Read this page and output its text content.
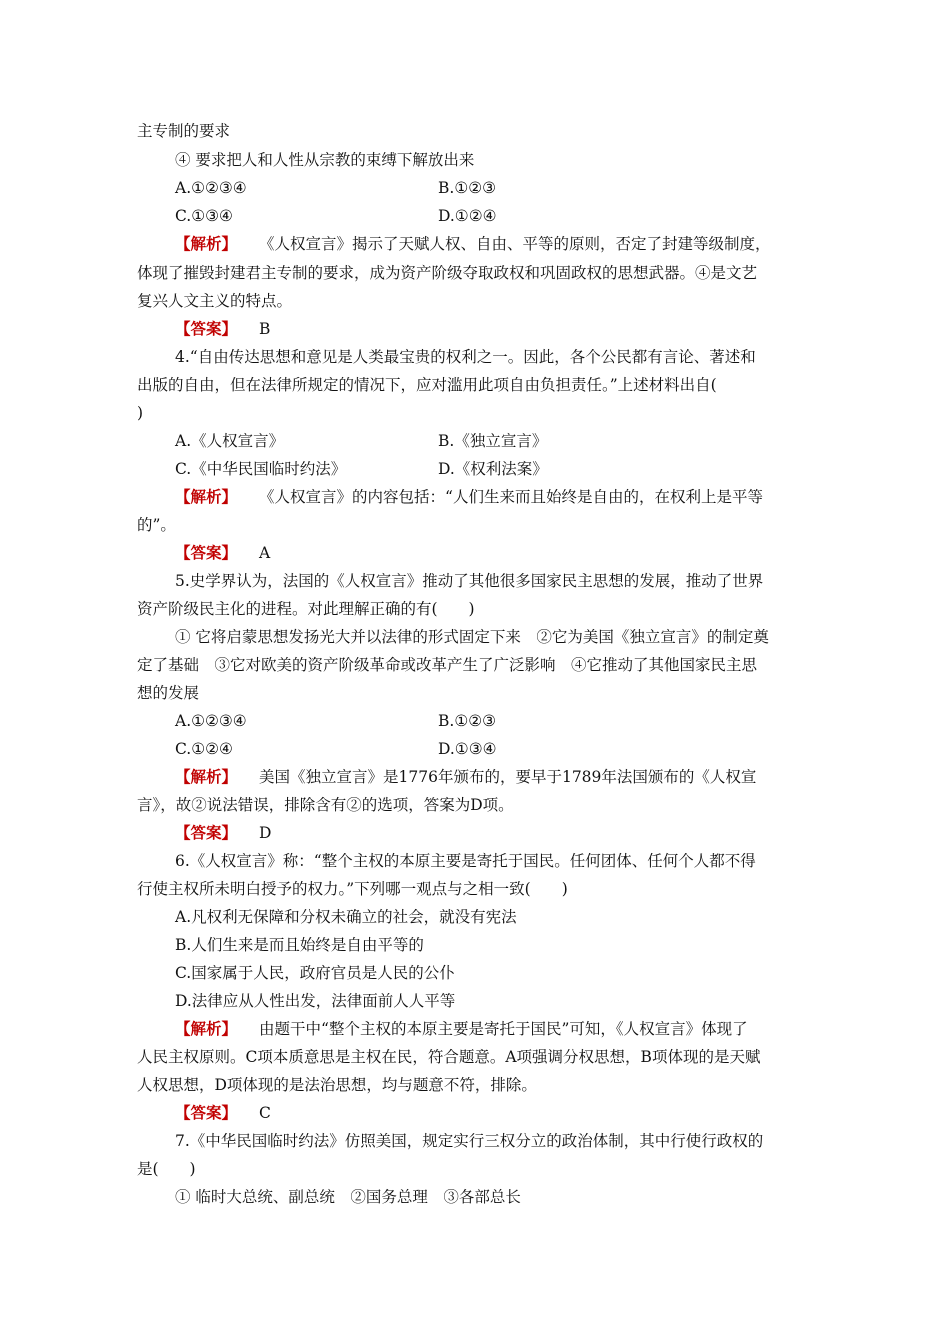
主专制的要求
④ 要求把人和人性从宗教的束缚下解放出来
A.①②③④	B.①②③
C.①③④	D.①②④
【解析】 《人权宣言》揭示了天赋人权、自由、平等的原则，否定了封建等级制度，
体现了摧毁封建君主专制的要求，成为资产阶级夺取政权和巩固政权的思想武器。④是文艺
复兴人文主义的特点。
【答案】 B
4.“自由传达思想和意见是人类最宝贵的权利之一。因此，各个公民都有言论、著述和
出版的自由，但在法律所规定的情况下，应对滥用此项自由负担责任。”上述材料出自(
)
A.《人权宣言》	B.《独立宣言》
C.《中华民国临时约法》	D.《权利法案》
【解析】 《人权宣言》的内容包括：“人们生来而且始终是自由的，在权利上是平等
的”。
【答案】 A
5.史学界认为，法国的《人权宣言》推动了其他很多国家民主思想的发展，推动了世界
资产阶级民主化的进程。对此理解正确的有(　　)
① 它将启蒙思想发扬光大并以法律的形式固定下来　②它为美国《独立宣言》的制定奠
定了基础　③它对欧美的资产阶级革命或改革产生了广泛影响　④它推动了其他国家民主思
想的发展
A.①②③④	B.①②③
C.①②④	D.①③④
【解析】 美国《独立宣言》是1776年颁布的，要早于1789年法国颁布的《人权宣
言》，故②说法错误，排除含有②的选项，答案为D项。
【答案】 D
6.《人权宣言》称：“整个主权的本原主要是寄托于国民。任何团体、任何个人都不得
行使主权所未明白授予的权力。”下列哪一观点与之相一致(　　)
A.凡权利无保障和分权未确立的社会，就没有宪法
B.人们生来是而且始终是自由平等的
C.国家属于人民，政府官员是人民的公仆
D.法律应从人性出发，法律面前人人平等
【解析】 由题干中“整个主权的本原主要是寄托于国民”可知，《人权宣言》体现了
人民主权原则。C项本质意思是主权在民，符合题意。A项强调分权思想，B项体现的是天赋
人权思想，D项体现的是法治思想，均与题意不符，排除。
【答案】 C
7.《中华民国临时约法》仿照美国，规定实行三权分立的政治体制，其中行使行政权的
是(　　)
① 临时大总统、副总统　②国务总理　③各部总长
